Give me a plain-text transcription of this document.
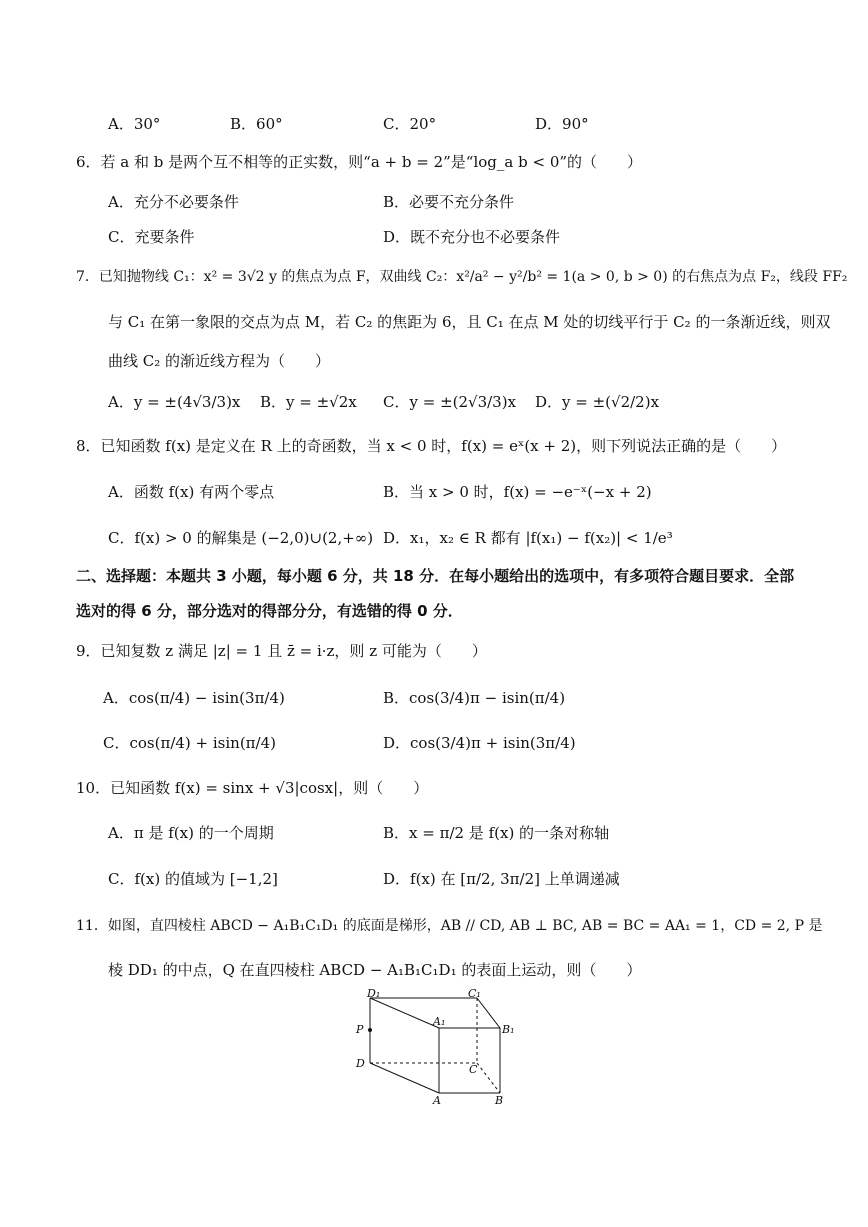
A．30°	B．60°	C．20°	D．90°
6．若 a 和 b 是两个互不相等的正实数，则“a + b = 2”是“log_a b < 0”的（　　）
A．充分不必要条件	B．必要不充分条件
C．充要条件	D．既不充分也不必要条件
7．已知抛物线 C₁：x² = 3√2 y 的焦点为点 F，双曲线 C₂：x²/a² − y²/b² = 1(a > 0, b > 0) 的右焦点为点 F₂，线段 FF₂
与 C₁ 在第一象限的交点为点 M，若 C₂ 的焦距为 6，且 C₁ 在点 M 处的切线平行于 C₂ 的一条渐近线，则双
曲线 C₂ 的渐近线方程为（　　）
A．y = ±(4√3/3)x B．y = ±√2x C．y = ±(2√3/3)x D．y = ±(√2/2)x
8．已知函数 f(x) 是定义在 R 上的奇函数，当 x < 0 时，f(x) = eˣ(x + 2)，则下列说法正确的是（　　）
A．函数 f(x) 有两个零点	B．当 x > 0 时，f(x) = −e⁻ˣ(−x + 2)
C．f(x) > 0 的解集是 (−2,0)∪(2,+∞) D．x₁，x₂ ∈ R 都有 |f(x₁) − f(x₂)| < 1/e³
二、选择题：本题共 3 小题，每小题 6 分，共 18 分．在每小题给出的选项中，有多项符合题目要求．全部
选对的得 6 分，部分选对的得部分分，有选错的得 0 分．
9．已知复数 z 满足 |z| = 1 且 z̄ = i·z，则 z 可能为（　　）
A．cos(π/4) − isin(3π/4)	B．cos(3/4)π − isin(π/4)
C．cos(π/4) + isin(π/4)	D．cos(3/4)π + isin(3π/4)
10．已知函数 f(x) = sinx + √3|cosx|，则（　　）
A．π 是 f(x) 的一个周期	B．x = π/2 是 f(x) 的一条对称轴
C．f(x) 的值域为 [−1,2]	D．f(x) 在 [π/2, 3π/2] 上单调递减
11．如图，直四棱柱 ABCD − A₁B₁C₁D₁ 的底面是梯形，AB // CD, AB ⊥ BC, AB = BC = AA₁ = 1，CD = 2, P 是
棱 DD₁ 的中点，Q 在直四棱柱 ABCD − A₁B₁C₁D₁ 的表面上运动，则（　　）
D₁	C₁
A₁
B₁
P
D	C
A	B
